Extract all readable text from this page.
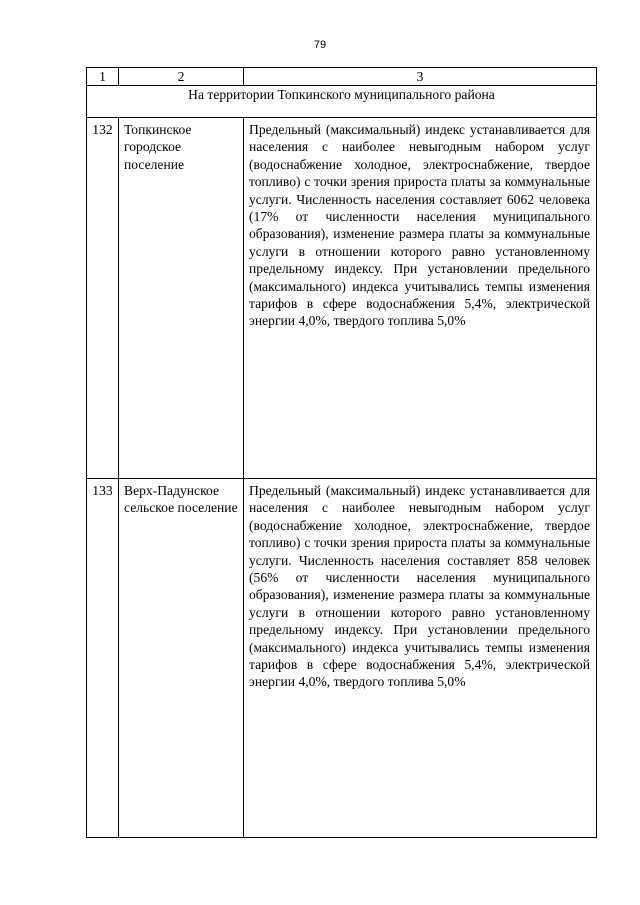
79
1	2	3
На территории Топкинского муниципального района		
132	Топкинское городское поселение	Предельный (максимальный) индекс устанавливается для населения с наиболее невыгодным набором услуг (водоснабжение холодное, электроснабжение, твердое топливо) с точки зрения прироста платы за коммунальные услуги. Численность населения составляет 6062 человека (17% от численности населения муниципального образования), изменение размера платы за коммунальные услуги в отношении которого равно установленному предельному индексу. При установлении предельного (максимального) индекса учитывались темпы изменения тарифов в сфере водоснабжения 5,4%, электрической энергии 4,0%, твердого топлива 5,0%
133	Верх-Падунское сельское поселение	Предельный (максимальный) индекс устанавливается для населения с наиболее невыгодным набором услуг (водоснабжение холодное, электроснабжение, твердое топливо) с точки зрения прироста платы за коммунальные услуги. Численность населения составляет 858 человек (56% от численности населения муниципального образования), изменение размера платы за коммунальные услуги в отношении которого равно установленному предельному индексу. При установлении предельного (максимального) индекса учитывались темпы изменения тарифов в сфере водоснабжения 5,4%, электрической энергии 4,0%, твердого топлива 5,0%
